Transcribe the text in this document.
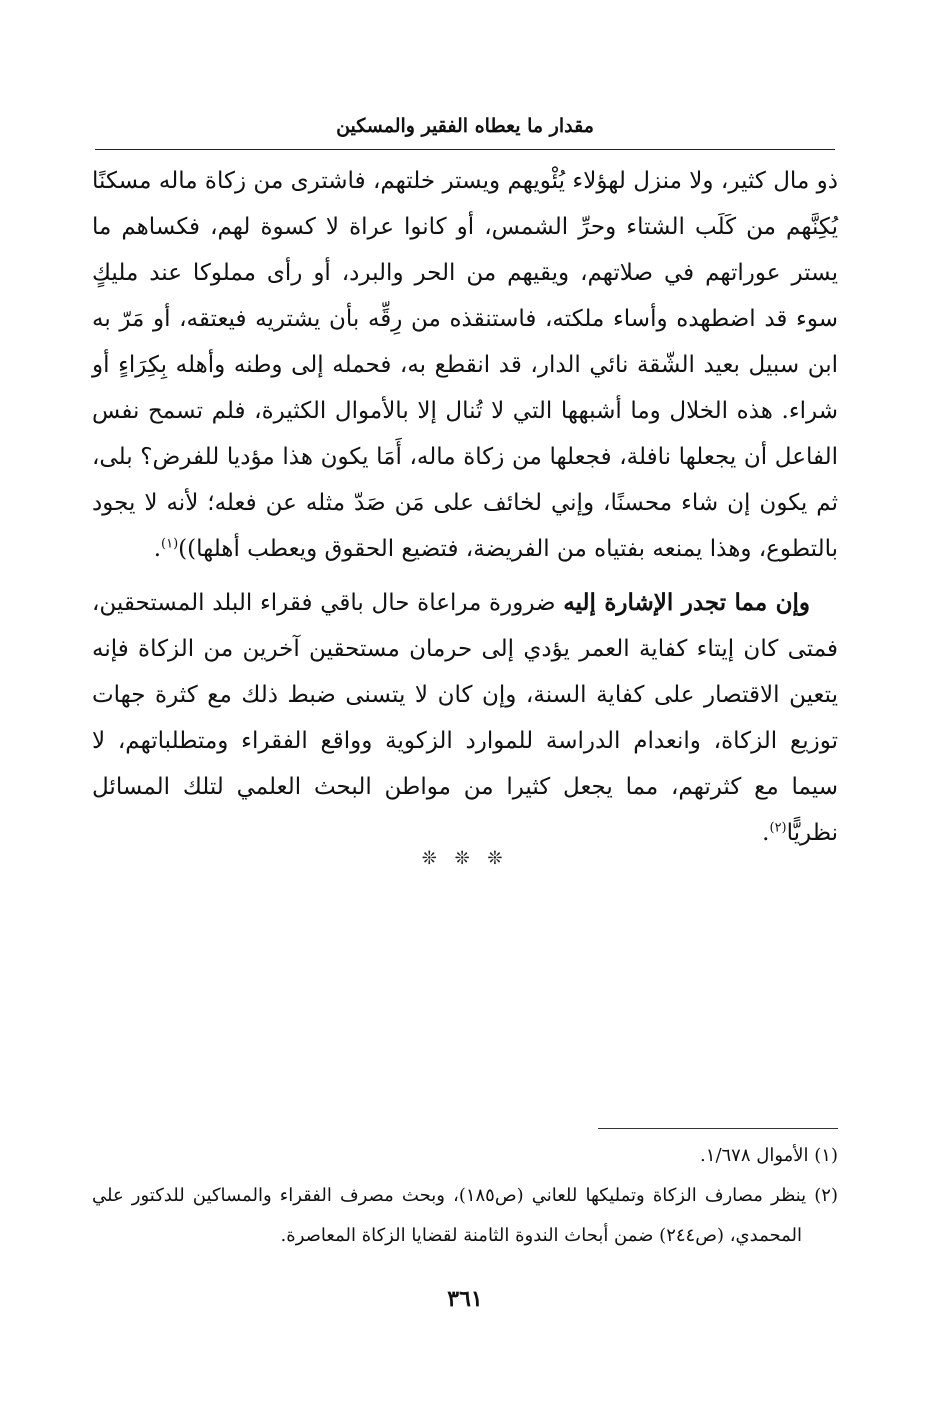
مقدار ما يعطاه الفقير والمسكين

ذو مال كثير، ولا منزل لهؤلاء يُئْويهم ويستر خلتهم، فاشترى من زكاة ماله مسكنًا يُكِنَّهم من كَلَب الشتاء وحرِّ الشمس، أو كانوا عراة لا كسوة لهم، فكساهم ما يستر عوراتهم في صلاتهم، ويقيهم من الحر والبرد، أو رأى مملوكا عند مليكٍ سوء قد اضطهده وأساء ملكته، فاستنقذه من رِقِّه بأن يشتريه فيعتقه، أو مَرّ به ابن سبيل بعيد الشّقة نائي الدار، قد انقطع به، فحمله إلى وطنه وأهله بِكِرَاءٍ أو شراء. هذه الخلال وما أشبهها التي لا تُنال إلا بالأموال الكثيرة، فلم تسمح نفس الفاعل أن يجعلها نافلة، فجعلها من زكاة ماله، أَمَا يكون هذا مؤديا للفرض؟ بلى، ثم يكون إن شاء محسنًا، وإني لخائف على مَن صَدّ مثله عن فعله؛ لأنه لا يجود بالتطوع، وهذا يمنعه بفتياه من الفريضة، فتضيع الحقوق ويعطب أهلها))$^{(١)}$.

وإن مما تجدر الإشارة إليه ضرورة مراعاة حال باقي فقراء البلد المستحقين، فمتى كان إيتاء كفاية العمر يؤدي إلى حرمان مستحقين آخرين من الزكاة فإنه يتعين الاقتصار على كفاية السنة، وإن كان لا يتسنى ضبط ذلك مع كثرة جهات توزيع الزكاة، وانعدام الدراسة للموارد الزكوية وواقع الفقراء ومتطلباتهم، لا سيما مع كثرتهم، مما يجعل كثيرا من مواطن البحث العلمي لتلك المسائل نظريًّا$^{(٢)}$.

❊ ❊ ❊

(١) الأموال ١/٦٧٨.

(٢) ينظر مصارف الزكاة وتمليكها للعاني (ص١٨٥)، وبحث مصرف الفقراء والمساكين للدكتور علي المحمدي، (ص٢٤٤) ضمن أبحاث الندوة الثامنة لقضايا الزكاة المعاصرة.

٣٦١
